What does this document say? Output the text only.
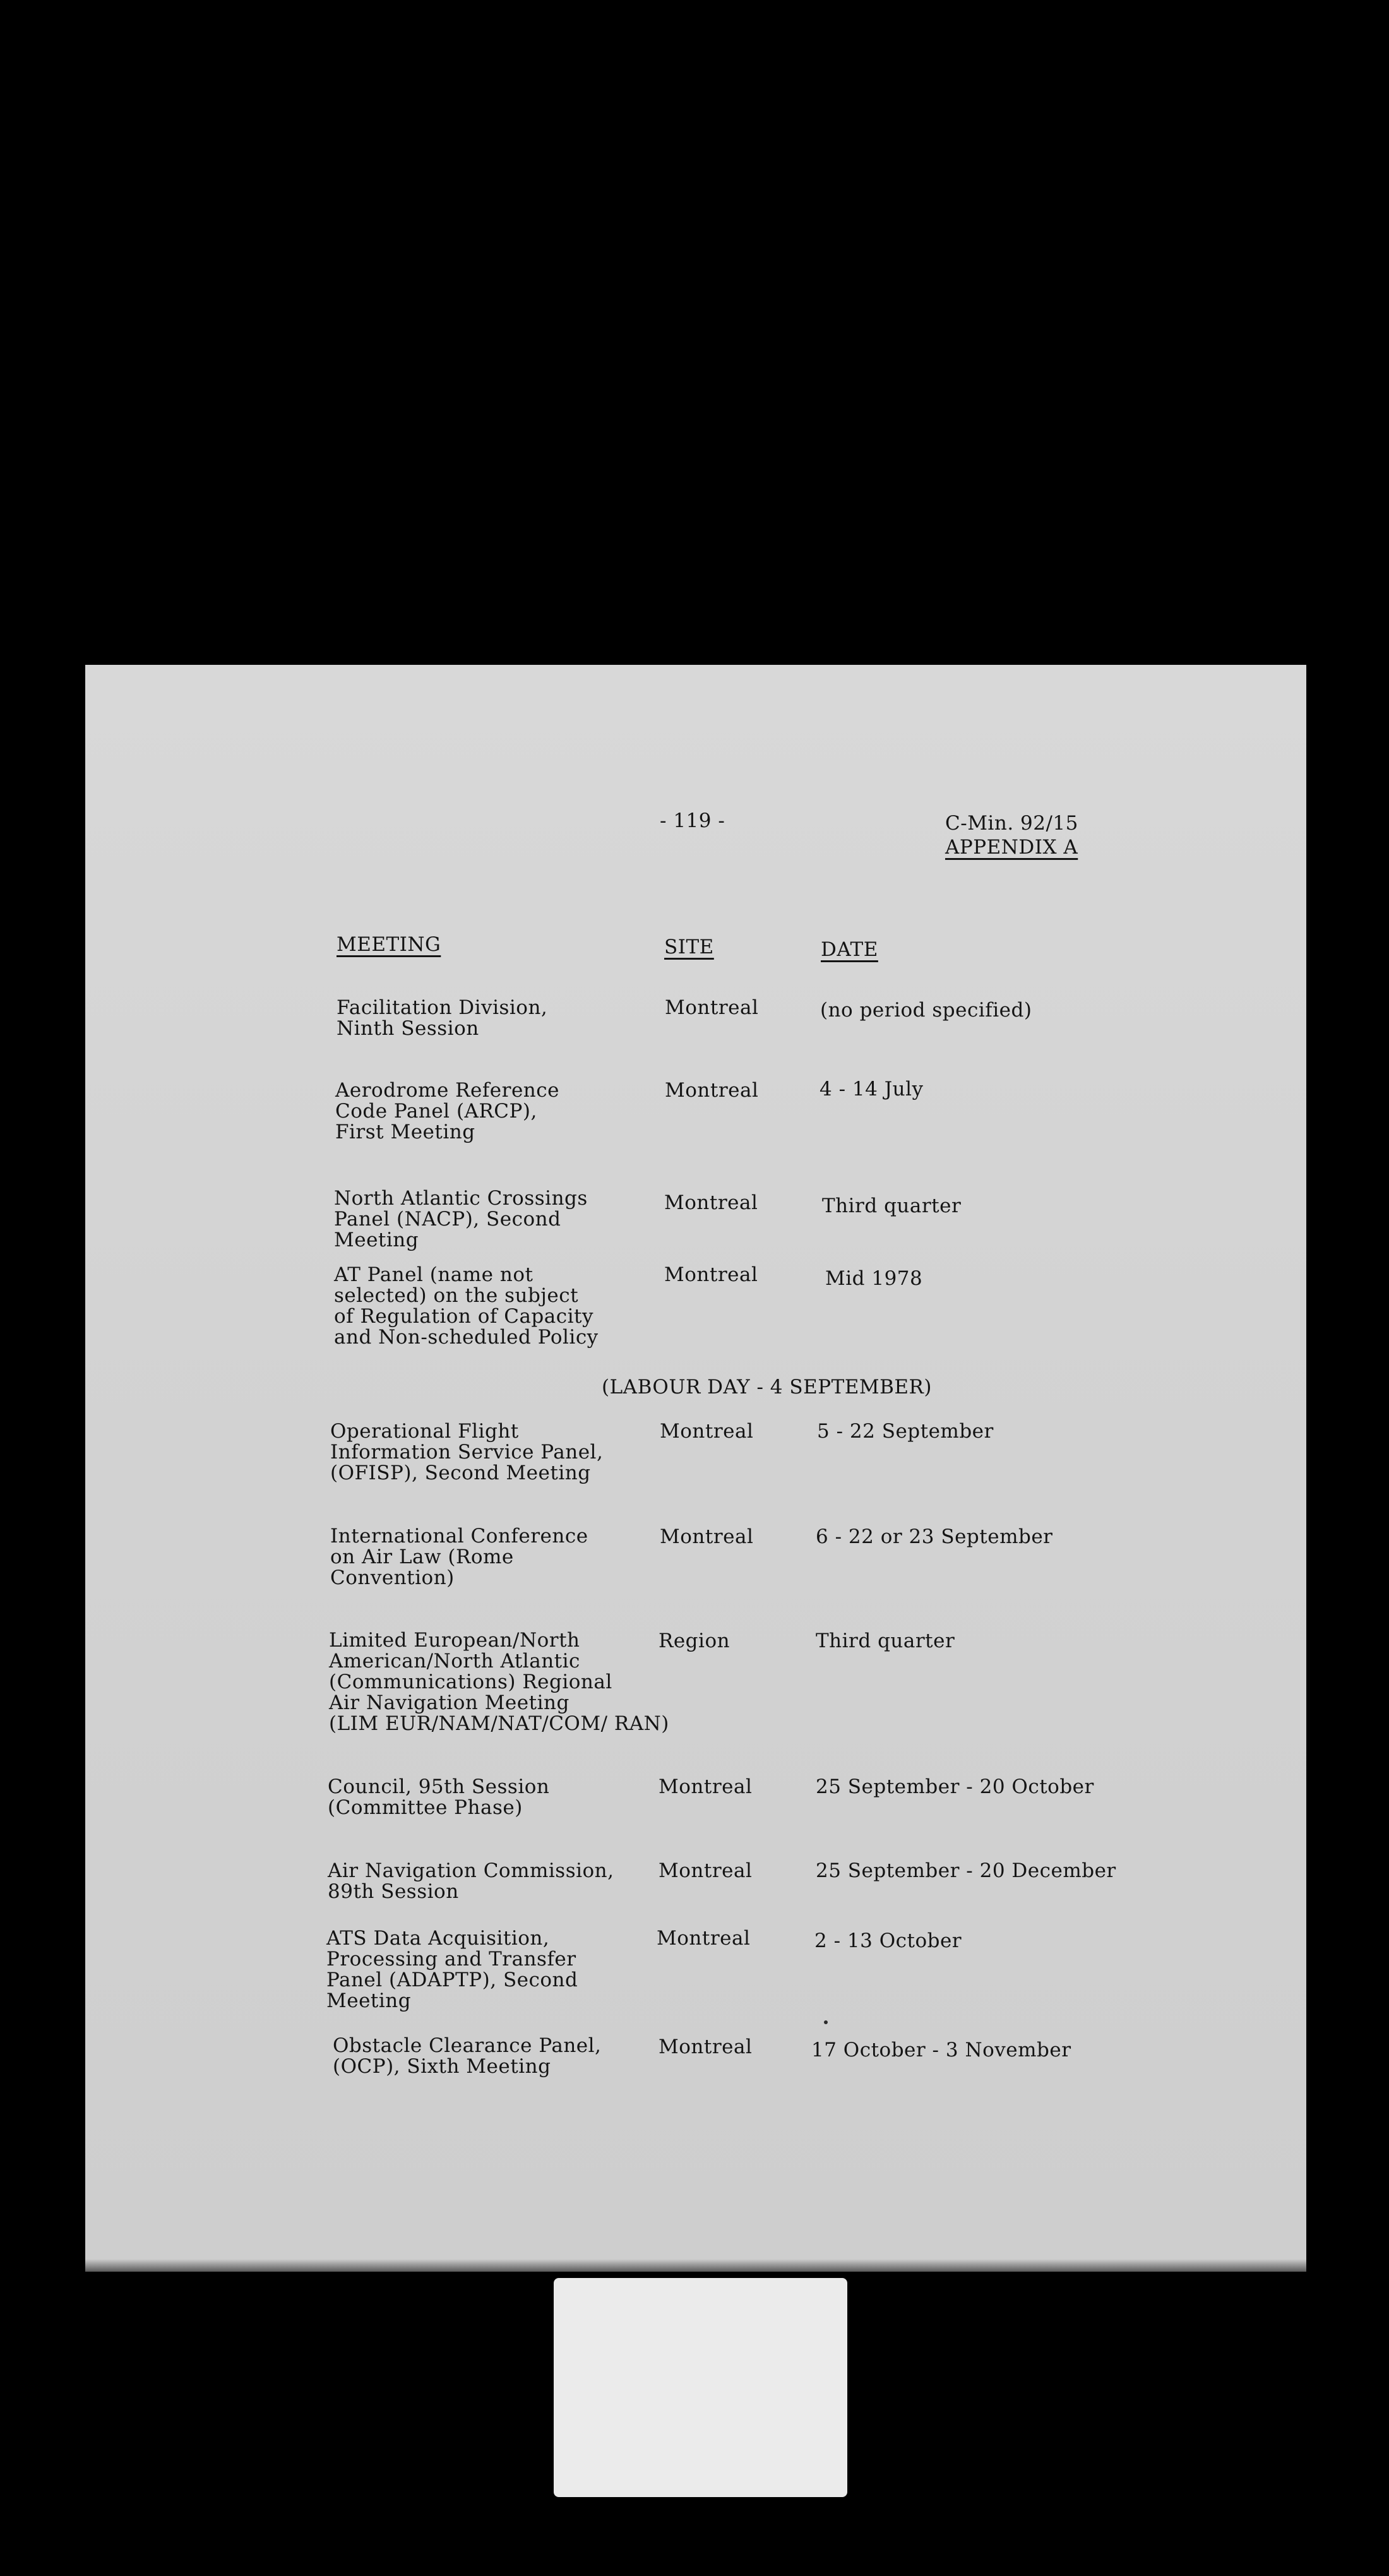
- 119 -	C-Min. 92/15
APPENDIX A
MEETING	SITE	DATE
Facilitation Division,
Ninth Session
Montreal	(no period specified)
Aerodrome Reference
Code Panel (ARCP),
First Meeting
Montreal	4 - 14 July
North Atlantic Crossings
Panel (NACP), Second
Meeting
Montreal	Third quarter
AT Panel (name not
selected) on the subject
of Regulation of Capacity
and Non-scheduled Policy
Montreal	Mid 1978
(LABOUR DAY - 4 SEPTEMBER)
Operational Flight
Information Service Panel,
(OFISP), Second Meeting
Montreal	5 - 22 September
International Conference
on Air Law (Rome
Convention)
Montreal	6 - 22 or 23 September
Limited European/North
American/North Atlantic
(Communications) Regional
Air Navigation Meeting
(LIM EUR/NAM/NAT/COM/ RAN)
Region	Third quarter
Council, 95th Session
(Committee Phase)
Montreal	25 September - 20 October
Air Navigation Commission,
89th Session
Montreal	25 September - 20 December
ATS Data Acquisition,
Processing and Transfer
Panel (ADAPTP), Second
Meeting
Montreal	2 - 13 October
Obstacle Clearance Panel,
(OCP), Sixth Meeting
Montreal	17 October - 3 November
